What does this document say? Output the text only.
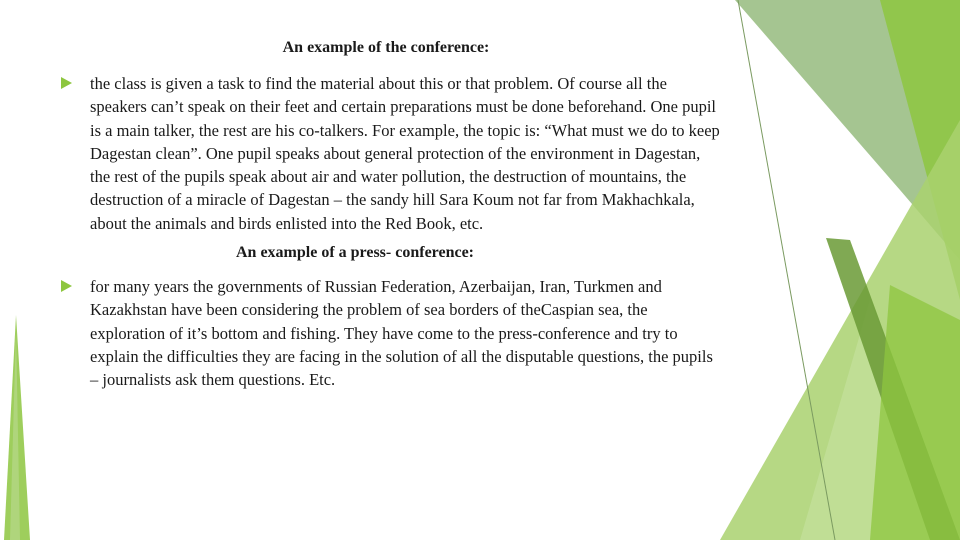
An example of the conference:

the class is given a task to find the material about this or that problem. Of course all the speakers can’t speak on their feet and certain preparations must be done beforehand. One pupil is a main talker, the rest are his co-talkers. For example, the topic is: “What must we do to keep Dagestan clean”. One pupil speaks about general protection of the environment in Dagestan, the rest of the pupils speak about air and water pollution, the destruction of mountains, the destruction of a miracle of Dagestan – the sandy hill Sara Koum not far from Makhachkala, about the animals and birds enlisted into the Red Book, etc.

An example of a press- conference:

for many years the governments of Russian Federation, Azerbaijan, Iran, Turkmen and Kazakhstan have been considering the problem of sea borders of theCaspian sea, the exploration of it’s bottom and fishing. They have come to the press-conference and try to explain the difficulties they are facing in the solution of all the disputable questions, the pupils – journalists ask them questions. Etc.
